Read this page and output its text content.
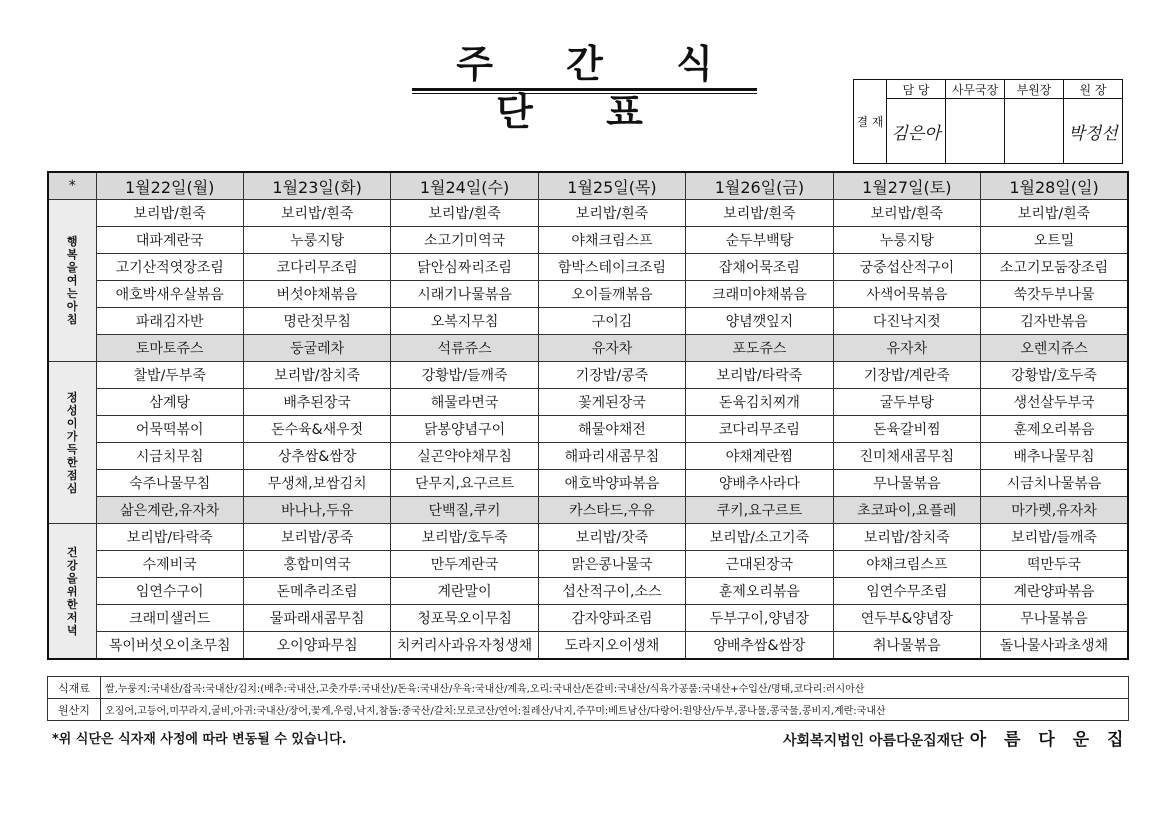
주 간 식 단 표	결 재	담 당	사무국장	부원장	원 장
	김은아			박정선
*	1월22일(월)	1월23일(화)	1월24일(수)	1월25일(목)	1월26일(금)	1월27일(토)	1월28일(일)

행복을여는 아침	보리밥/흰죽	보리밥/흰죽	보리밥/흰죽	보리밥/흰죽	보리밥/흰죽	보리밥/흰죽	보리밥/흰죽
	대파계란국	누룽지탕	소고기미역국	야채크림스프	순두부백탕	누룽지탕	오트밀
	고기산적엿장조림	코다리무조림	닭안심짜리조림	함박스테이크조림	잡채어묵조림	궁중섭산적구이	소고기모둠장조림
	애호박새우살볶음	버섯야채볶음	시래기나물볶음	오이들깨볶음	크래미야채볶음	사색어묵볶음	쑥갓두부나물
	파래김자반	명란젓무침	오복지무침	구이김	양념깻잎지	다진낙지젓	김자반볶음
	토마토쥬스	둥굴레차	석류쥬스	유자차	포도쥬스	유자차	오렌지쥬스

정성이가득한 점심	찰밥/두부죽	보리밥/참치죽	강황밥/들깨죽	기장밥/콩죽	보리밥/타락죽	기장밥/계란죽	강황밥/호두죽
	삼계탕	배추된장국	해물라면국	꽃게된장국	돈육김치찌개	굴두부탕	생선살두부국
	어묵떡볶이	돈수육&새우젓	닭봉양념구이	해물야채전	코다리무조림	돈육갈비찜	훈제오리볶음
	시금치무침	상추쌈&쌈장	실곤약야채무침	해파리새콤무침	야채계란찜	진미채새콤무침	배추나물무침
	숙주나물무침	무생채,보쌈김치	단무지,요구르트	애호박양파볶음	양배추사라다	무나물볶음	시금치나물볶음
	삶은계란,유자차	바나나,두유	단백질,쿠키	카스타드,우유	쿠키,요구르트	초코파이,요플레	마가렛,유자차

건강을위한 저녁	보리밥/타락죽	보리밥/콩죽	보리밥/호두죽	보리밥/잣죽	보리밥/소고기죽	보리밥/참치죽	보리밥/들깨죽
	수제비국	홍합미역국	만두계란국	맑은콩나물국	근대된장국	야채크림스프	떡만두국
	임연수구이	돈메추리조림	계란말이	섭산적구이,소스	훈제오리볶음	임연수무조림	계란양파볶음
	크래미샐러드	물파래새콤무침	청포묵오이무침	감자양파조림	두부구이,양념장	연두부&양념장	무나물볶음
	목이버섯오이초무침	오이양파무침	치커리사과유자청생채	도라지오이생채	양배추쌈&쌈장	취나물볶음	돌나물사과초생채
식재료	쌀,누룽지:국내산/잡곡:국내산/김치:(배추:국내산,고춧가루:국내산)/돈육:국내산/우육:국내산/계육,오리:국내산/돈갈비:국내산/식육가공품:국내산+수입산/명태,코다리:러시아산
원산지	오징어,고등어,미꾸라지,굴비,아귀:국내산/장어,꽃게,우렁,낙지,참돔:중국산/갈치:모로코산/연어:칠레산/낙지,주꾸미:베트남산/다랑어:원양산/두부,콩나물,콩국물,콩비지,계란:국내산
*위 식단은 식자재 사정에 따라 변동될 수 있습니다.	사회복지법인 아름다운집재단 아 름 다 운 집
